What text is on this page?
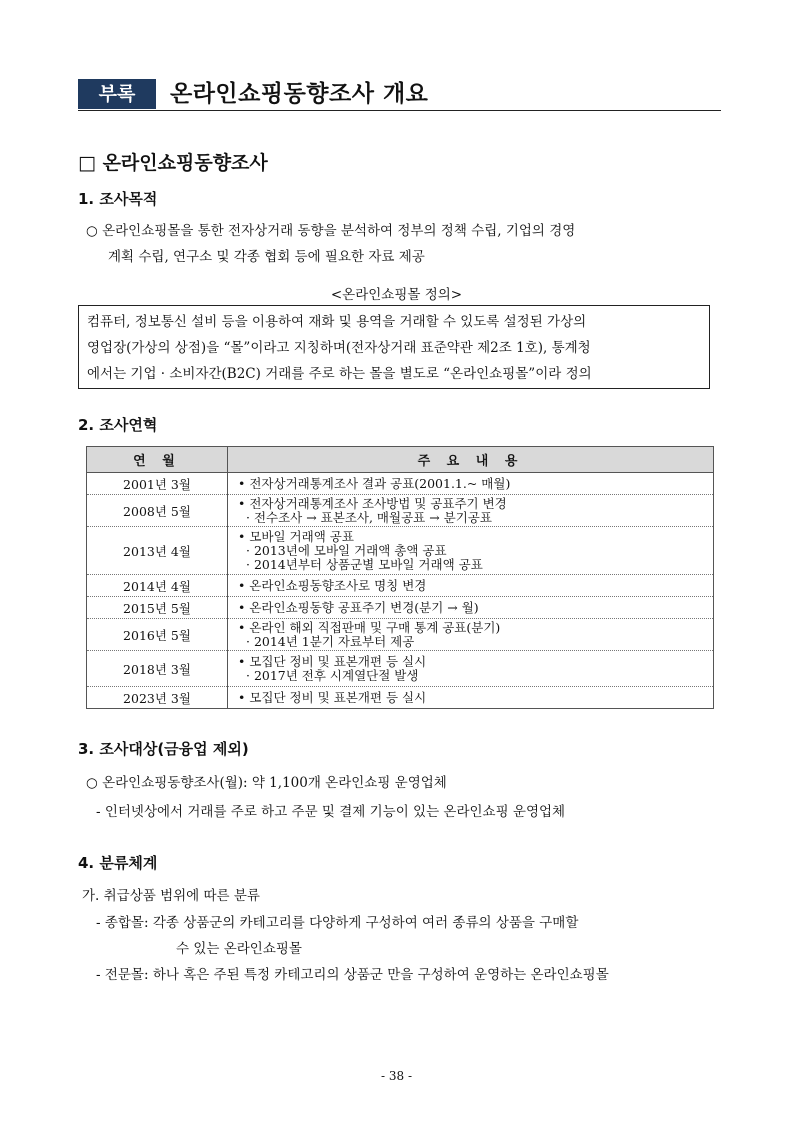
부록	온라인쇼핑동향조사 개요
□ 온라인쇼핑동향조사
1. 조사목적
○ 온라인쇼핑몰을 통한 전자상거래 동향을 분석하여 정부의 정책 수립, 기업의 경영
계획 수립, 연구소 및 각종 협회 등에 필요한 자료 제공
<온라인쇼핑몰 정의>
컴퓨터, 정보통신 설비 등을 이용하여 재화 및 용역을 거래할 수 있도록 설정된 가상의
영업장(가상의 상점)을 “몰”이라고 지칭하며(전자상거래 표준약관 제2조 1호), 통계청
에서는 기업 · 소비자간(B2C) 거래를 주로 하는 몰을 별도로 “온라인쇼핑몰”이라 정의
2. 조사연혁
연 월	주 요 내 용
2001년 3월	• 전자상거래통계조사 결과 공표(2001.1.~ 매월)

2008년 5월	• 전자상거래통계조사 조사방법 및 공표주기 변경
· 전수조사 → 표본조사, 매월공표 → 분기공표

2013년 4월	• 모바일 거래액 공표
· 2013년에 모바일 거래액 총액 공표
· 2014년부터 상품군별 모바일 거래액 공표

2014년 4월	• 온라인쇼핑동향조사로 명칭 변경

2015년 5월	• 온라인쇼핑동향 공표주기 변경(분기 → 월)

2016년 5월	• 온라인 해외 직접판매 및 구매 통계 공표(분기)
· 2014년 1분기 자료부터 제공

2018년 3월	• 모집단 정비 및 표본개편 등 실시
· 2017년 전후 시계열단절 발생

2023년 3월	• 모집단 정비 및 표본개편 등 실시
3. 조사대상(금융업 제외)
○ 온라인쇼핑동향조사(월): 약 1,100개 온라인쇼핑 운영업체
- 인터넷상에서 거래를 주로 하고 주문 및 결제 기능이 있는 온라인쇼핑 운영업체
4. 분류체계
가. 취급상품 범위에 따른 분류
- 종합몰: 각종 상품군의 카테고리를 다양하게 구성하여 여러 종류의 상품을 구매할
수 있는 온라인쇼핑몰
- 전문몰: 하나 혹은 주된 특정 카테고리의 상품군 만을 구성하여 운영하는 온라인쇼핑몰
- 38 -
